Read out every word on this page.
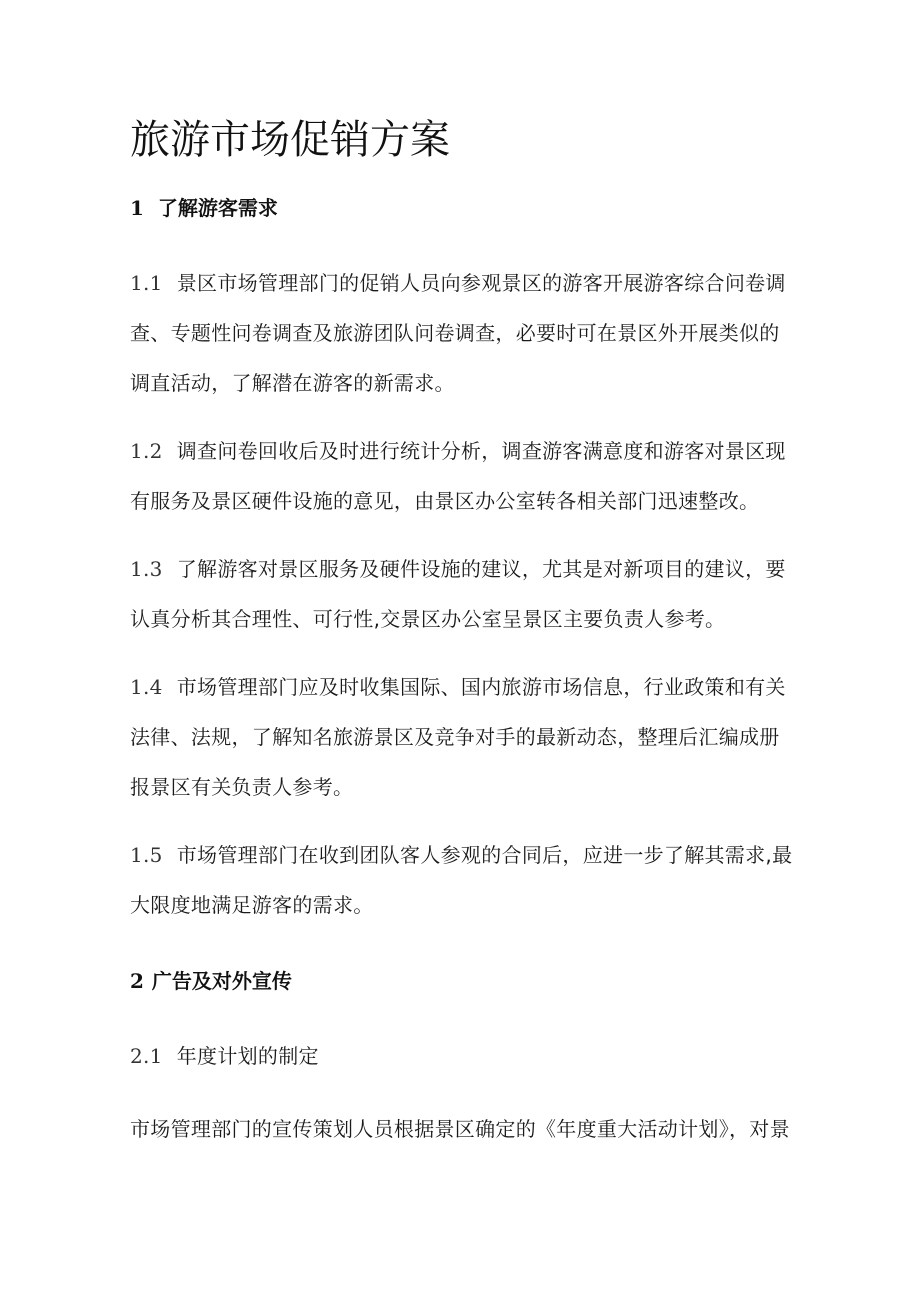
旅游市场促销方案
1 了解游客需求

1.1 景区市场管理部门的促销人员向参观景区的游客开展游客综合问卷调查、专题性问卷调查及旅游团队问卷调查，必要时可在景区外开展类似的调直活动，了解潜在游客的新需求。

1.2 调查问卷回收后及时进行统计分析，调查游客满意度和游客对景区现有服务及景区硬件设施的意见，由景区办公室转各相关部门迅速整改。

1.3 了解游客对景区服务及硬件设施的建议，尤其是对新项目的建议，要认真分析其合理性、可行性,交景区办公室呈景区主要负责人参考。

1.4 市场管理部门应及时收集国际、国内旅游市场信息，行业政策和有关法律、法规，了解知名旅游景区及竞争对手的最新动态，整理后汇编成册报景区有关负责人参考。

1.5 市场管理部门在收到团队客人参观的合同后，应进一步了解其需求,最大限度地满足游客的需求。

2 广告及对外宣传

2.1 年度计划的制定

市场管理部门的宣传策划人员根据景区确定的《年度重大活动计划》，对景
